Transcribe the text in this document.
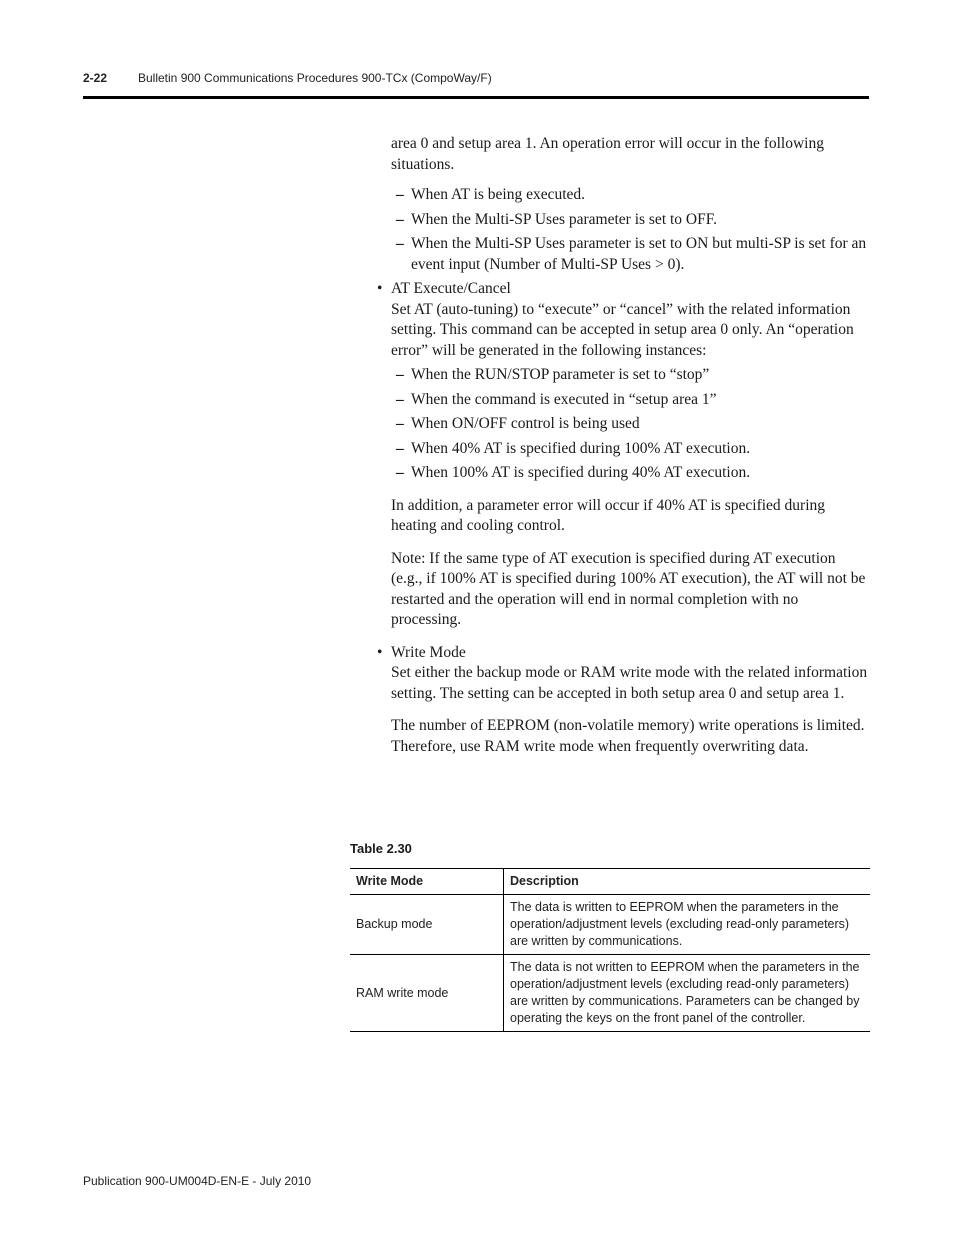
2-22	Bulletin 900 Communications Procedures 900-TCx (CompoWay/F)

area 0 and setup area 1. An operation error will occur in the following situations.

– When AT is being executed.
– When the Multi-SP Uses parameter is set to OFF.
– When the Multi-SP Uses parameter is set to ON but multi-SP is set for an event input (Number of Multi-SP Uses > 0).
• AT Execute/Cancel

Set AT (auto-tuning) to “execute” or “cancel” with the related information setting. This command can be accepted in setup area 0 only. An “operation error” will be generated in the following instances:

– When the RUN/STOP parameter is set to “stop”
– When the command is executed in “setup area 1”
– When ON/OFF control is being used
– When 40% AT is specified during 100% AT execution.
– When 100% AT is specified during 40% AT execution.

In addition, a parameter error will occur if 40% AT is specified during heating and cooling control.

Note: If the same type of AT execution is specified during AT execution (e.g., if 100% AT is specified during 100% AT execution), the AT will not be restarted and the operation will end in normal completion with no processing.

• Write Mode

Set either the backup mode or RAM write mode with the related information setting. The setting can be accepted in both setup area 0 and setup area 1.

The number of EEPROM (non-volatile memory) write operations is limited. Therefore, use RAM write mode when frequently overwriting data.

Table 2.30
Write Mode	Description
Backup mode	The data is written to EEPROM when the parameters in the operation/adjustment levels (excluding read-only parameters) are written by communications.
RAM write mode	The data is not written to EEPROM when the parameters in the operation/adjustment levels (excluding read-only parameters) are written by communications. Parameters can be changed by operating the keys on the front panel of the controller.
Publication 900-UM004D-EN-E - July 2010
